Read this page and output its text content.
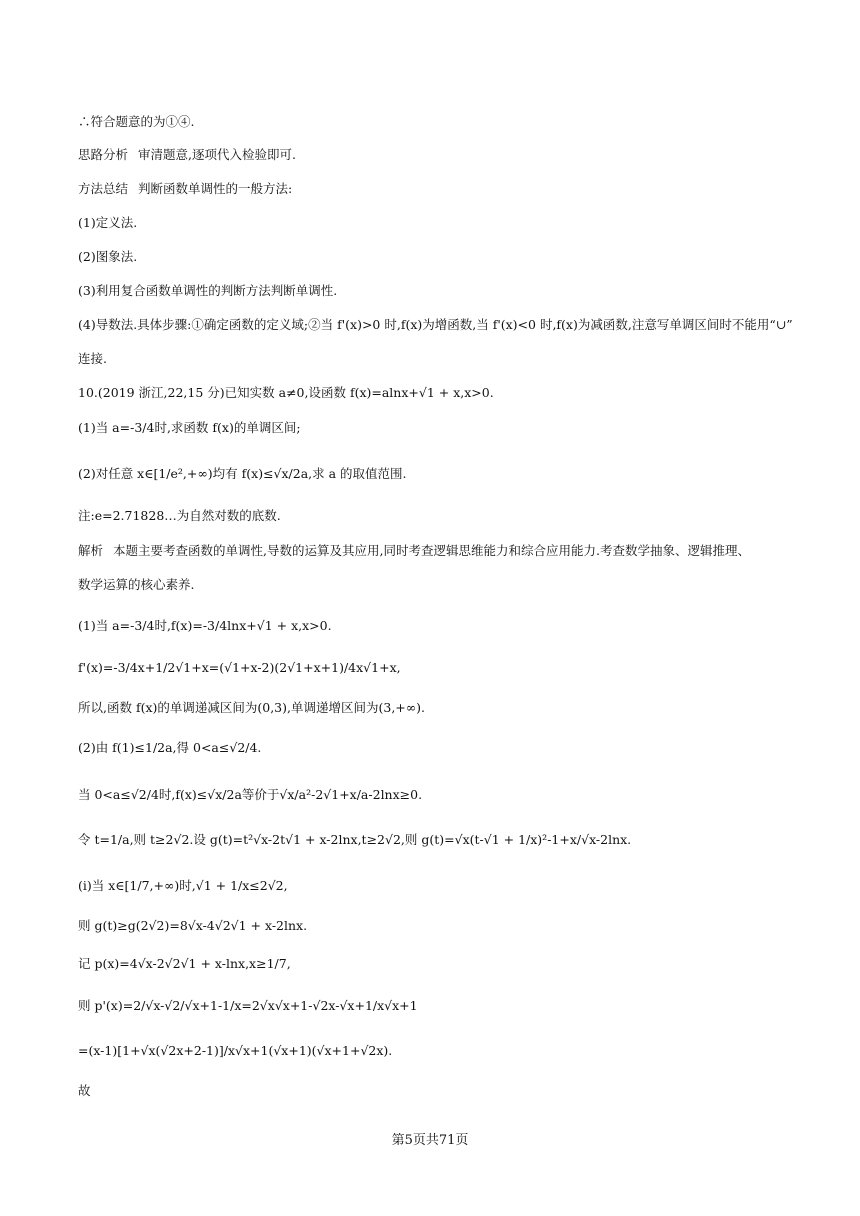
∴符合题意的为①④.
思路分析 审清题意,逐项代入检验即可.
方法总结 判断函数单调性的一般方法:
(1)定义法.
(2)图象法.
(3)利用复合函数单调性的判断方法判断单调性.
(4)导数法.具体步骤:①确定函数的定义域;②当 f'(x)>0 时,f(x)为增函数,当 f'(x)<0 时,f(x)为减函数,注意写单调区间时不能用“∪”
连接.
10.(2019 浙江,22,15 分)已知实数 a≠0,设函数 f(x)=alnx+√1 + x,x>0.
(1)当 a=-3/4时,求函数 f(x)的单调区间;
(2)对任意 x∈[1/e²,+∞)均有 f(x)≤√x/2a,求 a 的取值范围.
注:e=2.71828…为自然对数的底数.
解析 本题主要考查函数的单调性,导数的运算及其应用,同时考查逻辑思维能力和综合应用能力.考查数学抽象、逻辑推理、
数学运算的核心素养.
(1)当 a=-3/4时,f(x)=-3/4lnx+√1 + x,x>0.
f'(x)=-3/4x+1/2√1+x=(√1+x-2)(2√1+x+1)/4x√1+x,
所以,函数 f(x)的单调递减区间为(0,3),单调递增区间为(3,+∞).
(2)由 f(1)≤1/2a,得 0<a≤√2/4.
当 0<a≤√2/4时,f(x)≤√x/2a等价于√x/a²-2√1+x/a-2lnx≥0.
令 t=1/a,则 t≥2√2.设 g(t)=t²√x-2t√1 + x-2lnx,t≥2√2,则 g(t)=√x(t-√1 + 1/x)²-1+x/√x-2lnx.
(i)当 x∈[1/7,+∞)时,√1 + 1/x≤2√2,
则 g(t)≥g(2√2)=8√x-4√2√1 + x-2lnx.
记 p(x)=4√x-2√2√1 + x-lnx,x≥1/7,
则 p'(x)=2/√x-√2/√x+1-1/x=2√x√x+1-√2x-√x+1/x√x+1
=(x-1)[1+√x(√2x+2-1)]/x√x+1(√x+1)(√x+1+√2x).
故
第5页共71页
